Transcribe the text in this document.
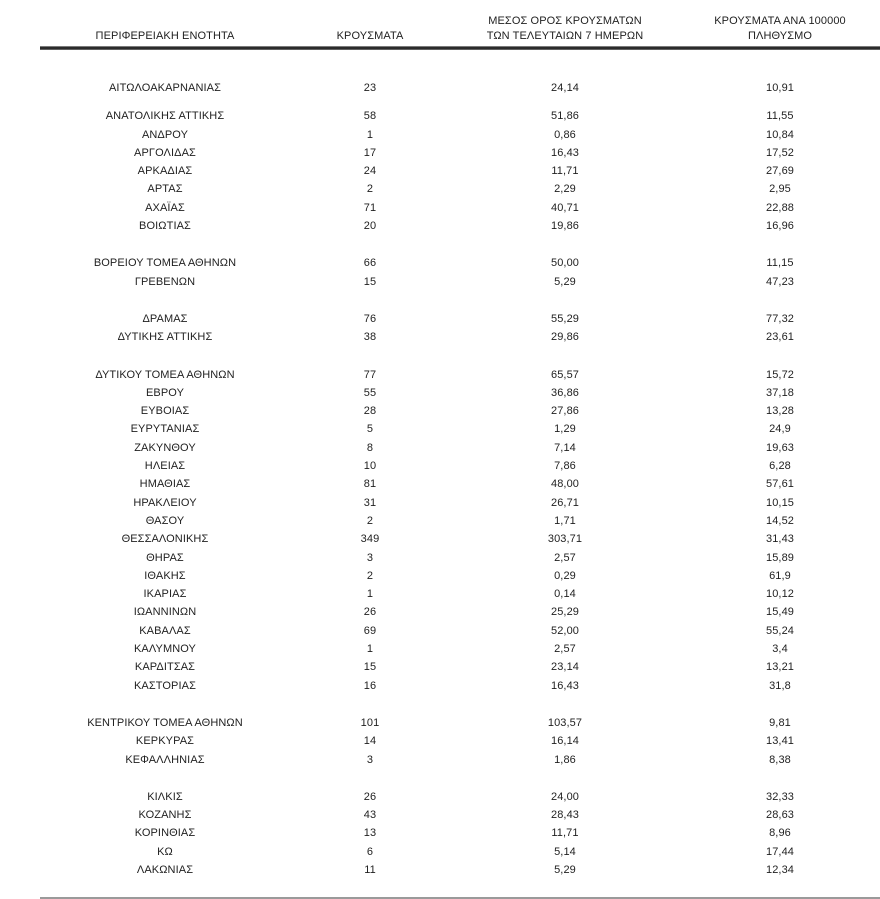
ΠΕΡΙΦΕΡΕΙΑΚΗ ΕΝΟΤΗΤΑ	ΚΡΟΥΣΜΑΤΑ
ΜΕΣΟΣ ΟΡΟΣ ΚΡΟΥΣΜΑΤΩΝ
ΤΩΝ ΤΕΛΕΥΤΑΙΩΝ 7 ΗΜΕΡΩΝ
ΚΡΟΥΣΜΑΤΑ ΑΝΑ 100000
ΠΛΗΘΥΣΜΟ
ΑΙΤΩΛΟΑΚΑΡΝΑΝΙΑΣ	23	24,14	10,91
ΑΝΑΤΟΛΙΚΗΣ ΑΤΤΙΚΗΣ	58	51,86	11,55
ΑΝΔΡΟΥ	1	0,86	10,84
ΑΡΓΟΛΙΔΑΣ	17	16,43	17,52
ΑΡΚΑΔΙΑΣ	24	11,71	27,69
ΑΡΤΑΣ	2	2,29	2,95
ΑΧΑΪΑΣ	71	40,71	22,88
ΒΟΙΩΤΙΑΣ	20	19,86	16,96
ΒΟΡΕΙΟΥ ΤΟΜΕΑ ΑΘΗΝΩΝ	66	50,00	11,15
ΓΡΕΒΕΝΩΝ	15	5,29	47,23
ΔΡΑΜΑΣ	76	55,29	77,32
ΔΥΤΙΚΗΣ ΑΤΤΙΚΗΣ	38	29,86	23,61
ΔΥΤΙΚΟΥ ΤΟΜΕΑ ΑΘΗΝΩΝ	77	65,57	15,72
ΕΒΡΟΥ	55	36,86	37,18
ΕΥΒΟΙΑΣ	28	27,86	13,28
ΕΥΡΥΤΑΝΙΑΣ	5	1,29	24,9
ΖΑΚΥΝΘΟΥ	8	7,14	19,63
ΗΛΕΙΑΣ	10	7,86	6,28
ΗΜΑΘΙΑΣ	81	48,00	57,61
ΗΡΑΚΛΕΙΟΥ	31	26,71	10,15
ΘΑΣΟΥ	2	1,71	14,52
ΘΕΣΣΑΛΟΝΙΚΗΣ	349	303,71	31,43
ΘΗΡΑΣ	3	2,57	15,89
ΙΘΑΚΗΣ	2	0,29	61,9
ΙΚΑΡΙΑΣ	1	0,14	10,12
ΙΩΑΝΝΙΝΩΝ	26	25,29	15,49
ΚΑΒΑΛΑΣ	69	52,00	55,24
ΚΑΛΥΜΝΟΥ	1	2,57	3,4
ΚΑΡΔΙΤΣΑΣ	15	23,14	13,21
ΚΑΣΤΟΡΙΑΣ	16	16,43	31,8
ΚΕΝΤΡΙΚΟΥ ΤΟΜΕΑ ΑΘΗΝΩΝ	101	103,57	9,81
ΚΕΡΚΥΡΑΣ	14	16,14	13,41
ΚΕΦΑΛΛΗΝΙΑΣ	3	1,86	8,38
ΚΙΛΚΙΣ	26	24,00	32,33
ΚΟΖΑΝΗΣ	43	28,43	28,63
ΚΟΡΙΝΘΙΑΣ	13	11,71	8,96
ΚΩ	6	5,14	17,44
ΛΑΚΩΝΙΑΣ	11	5,29	12,34
